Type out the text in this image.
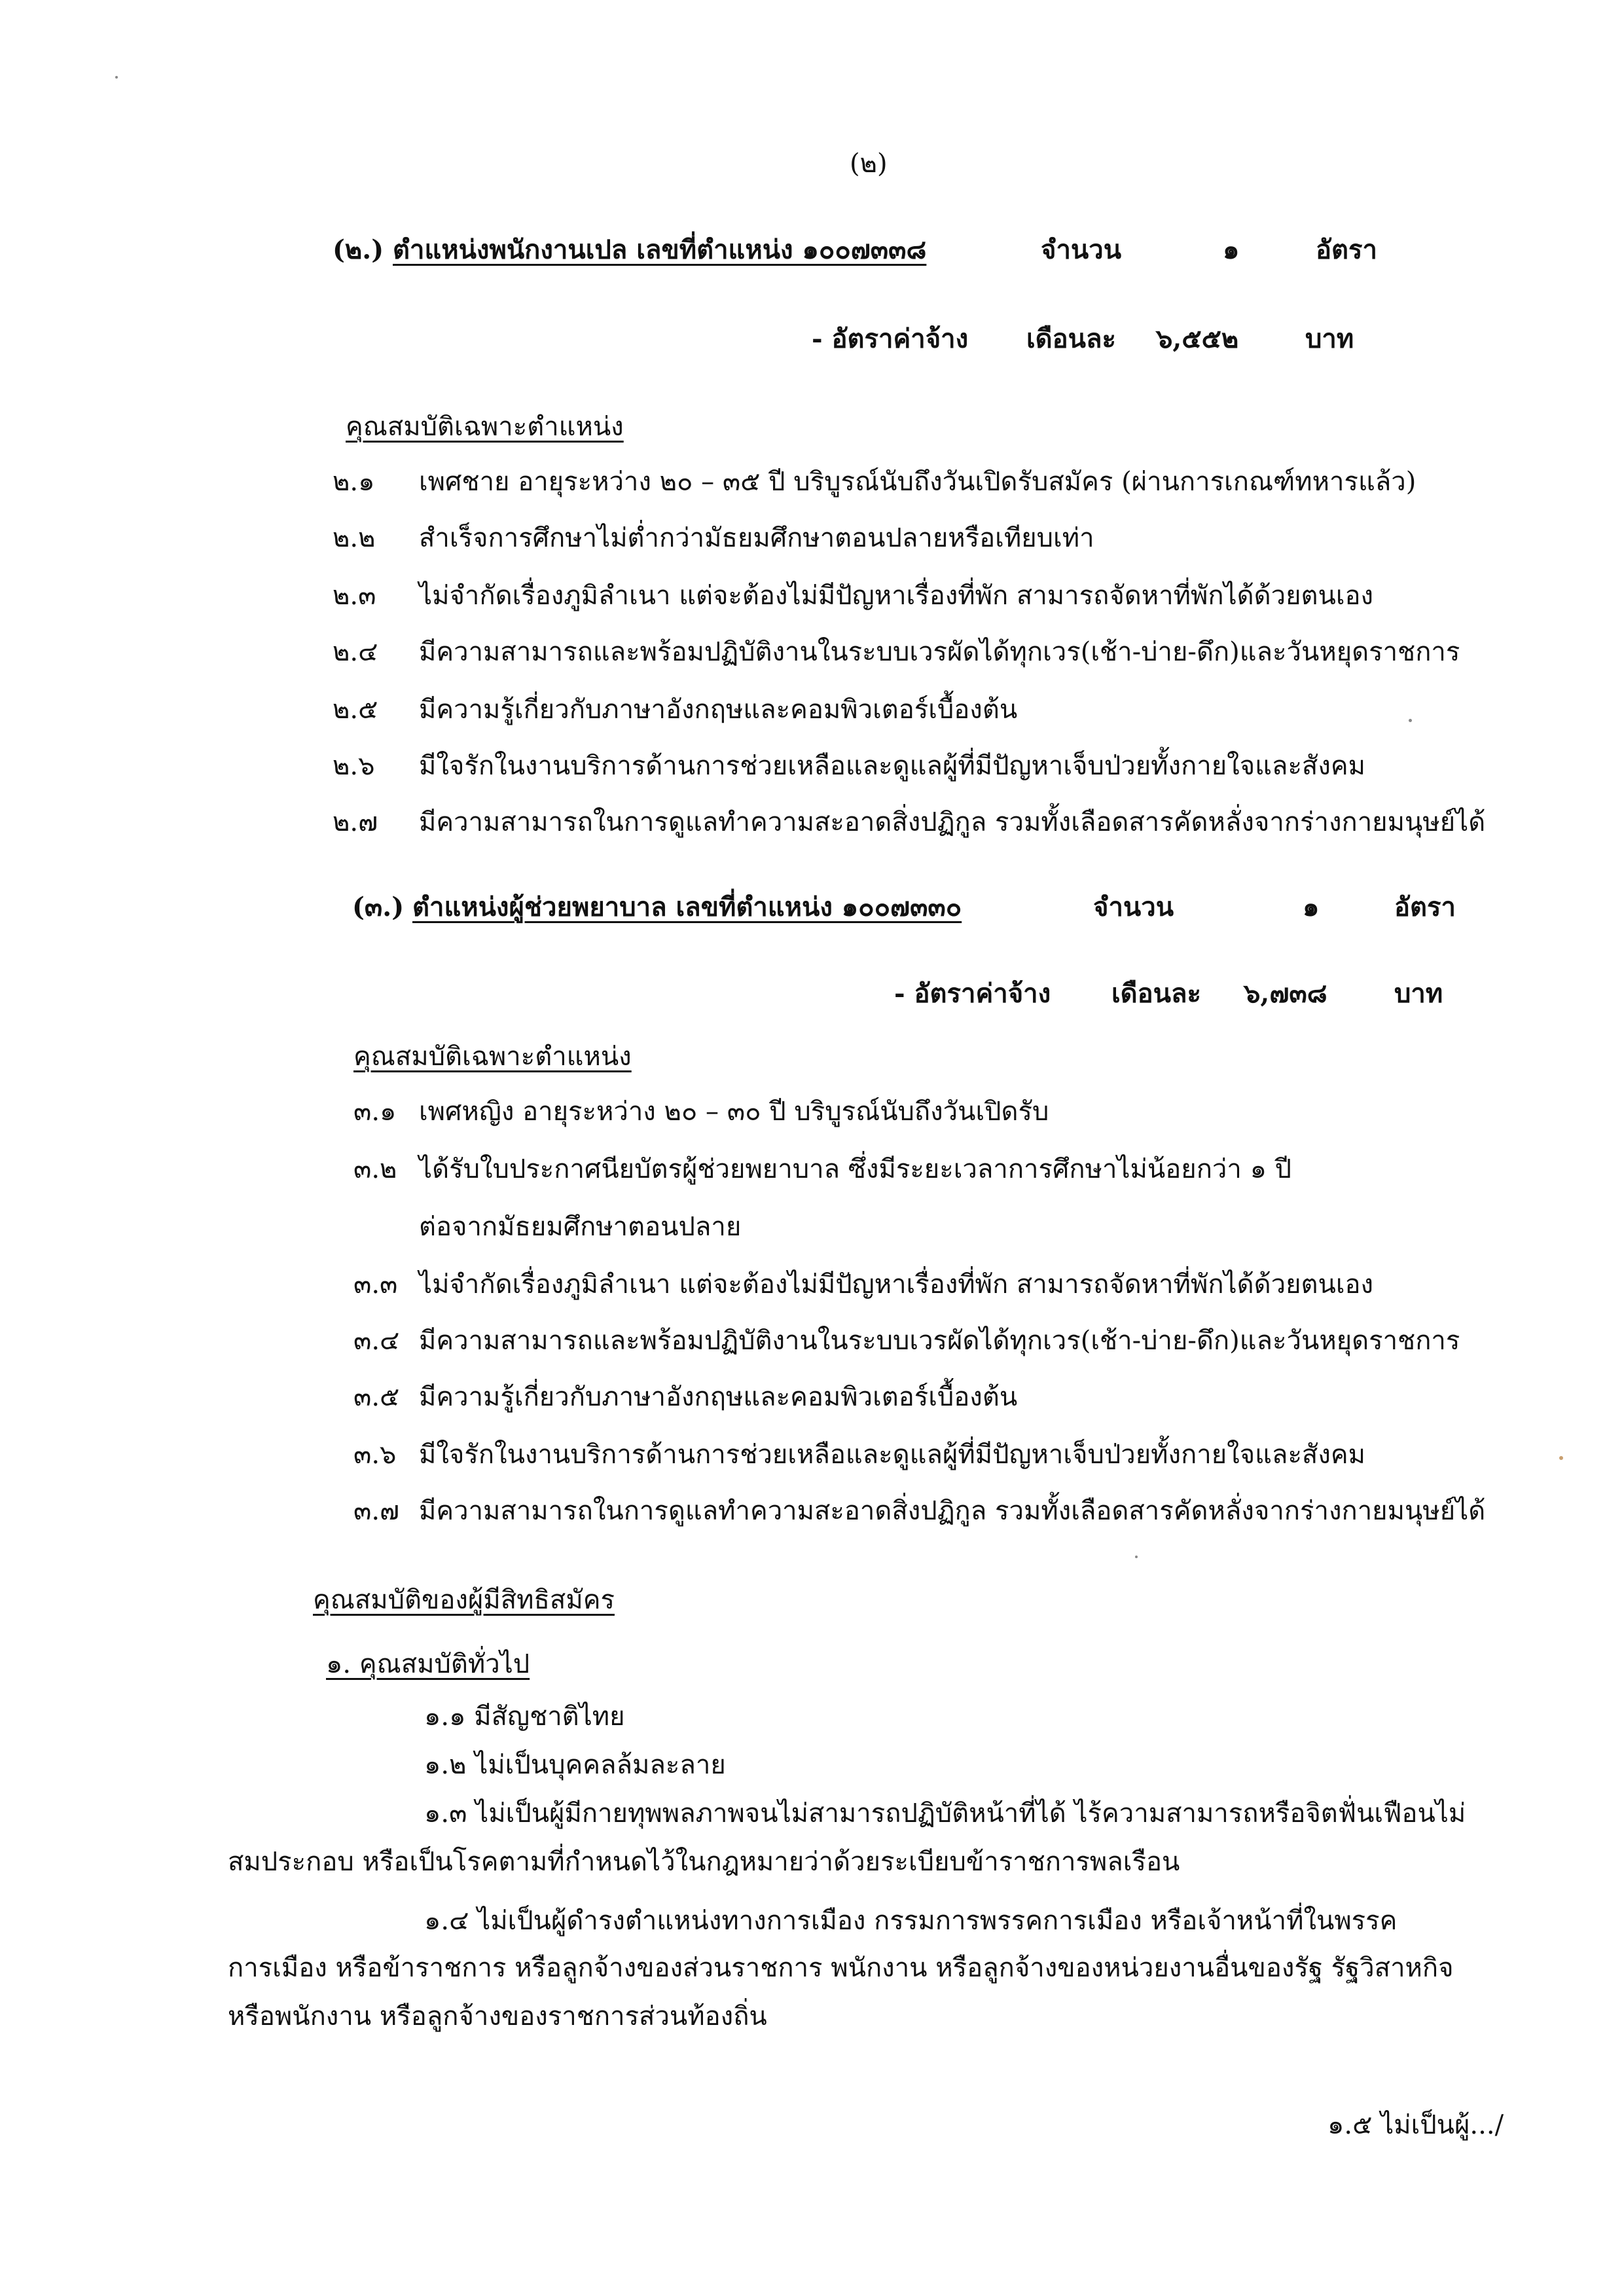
(๒)
(๒.) ตำแหน่งพนักงานเปล เลขที่ตำแหน่ง ๑๐๐๗๓๓๘	จำนวน	๑	อัตรา
- อัตราค่าจ้าง เดือนละ ๖,๕๕๒	บาท
คุณสมบัติเฉพาะตำแหน่ง
๒.๑ เพศชาย อายุระหว่าง ๒๐ – ๓๕ ปี บริบูรณ์นับถึงวันเปิดรับสมัคร (ผ่านการเกณฑ์ทหารแล้ว)
๒.๒ สำเร็จการศึกษาไม่ต่ำกว่ามัธยมศึกษาตอนปลายหรือเทียบเท่า
๒.๓ ไม่จำกัดเรื่องภูมิลำเนา แต่จะต้องไม่มีปัญหาเรื่องที่พัก สามารถจัดหาที่พักได้ด้วยตนเอง
๒.๔ มีความสามารถและพร้อมปฏิบัติงานในระบบเวรผัดได้ทุกเวร(เช้า-บ่าย-ดึก)และวันหยุดราชการ
๒.๕ มีความรู้เกี่ยวกับภาษาอังกฤษและคอมพิวเตอร์เบื้องต้น
๒.๖ มีใจรักในงานบริการด้านการช่วยเหลือและดูแลผู้ที่มีปัญหาเจ็บป่วยทั้งกายใจและสังคม
๒.๗ มีความสามารถในการดูแลทำความสะอาดสิ่งปฏิกูล รวมทั้งเลือดสารคัดหลั่งจากร่างกายมนุษย์ได้
(๓.) ตำแหน่งผู้ช่วยพยาบาล เลขที่ตำแหน่ง ๑๐๐๗๓๓๐	จำนวน	๑	อัตรา
- อัตราค่าจ้าง เดือนละ ๖,๗๓๘	บาท
คุณสมบัติเฉพาะตำแหน่ง
๓.๑ เพศหญิง อายุระหว่าง ๒๐ – ๓๐ ปี บริบูรณ์นับถึงวันเปิดรับ
๓.๒ ได้รับใบประกาศนียบัตรผู้ช่วยพยาบาล ซึ่งมีระยะเวลาการศึกษาไม่น้อยกว่า ๑ ปี
ต่อจากมัธยมศึกษาตอนปลาย
๓.๓ ไม่จำกัดเรื่องภูมิลำเนา แต่จะต้องไม่มีปัญหาเรื่องที่พัก สามารถจัดหาที่พักได้ด้วยตนเอง
๓.๔ มีความสามารถและพร้อมปฏิบัติงานในระบบเวรผัดได้ทุกเวร(เช้า-บ่าย-ดึก)และวันหยุดราชการ
๓.๕ มีความรู้เกี่ยวกับภาษาอังกฤษและคอมพิวเตอร์เบื้องต้น
๓.๖ มีใจรักในงานบริการด้านการช่วยเหลือและดูแลผู้ที่มีปัญหาเจ็บป่วยทั้งกายใจและสังคม
๓.๗ มีความสามารถในการดูแลทำความสะอาดสิ่งปฏิกูล รวมทั้งเลือดสารคัดหลั่งจากร่างกายมนุษย์ได้
คุณสมบัติของผู้มีสิทธิสมัคร
๑. คุณสมบัติทั่วไป
๑.๑ มีสัญชาติไทย
๑.๒ ไม่เป็นบุคคลล้มละลาย
๑.๓ ไม่เป็นผู้มีกายทุพพลภาพจนไม่สามารถปฏิบัติหน้าที่ได้ ไร้ความสามารถหรือจิตฟั่นเฟือนไม่
สมประกอบ หรือเป็นโรคตามที่กำหนดไว้ในกฎหมายว่าด้วยระเบียบข้าราชการพลเรือน
๑.๔ ไม่เป็นผู้ดำรงตำแหน่งทางการเมือง กรรมการพรรคการเมือง หรือเจ้าหน้าที่ในพรรค
การเมือง หรือข้าราชการ หรือลูกจ้างของส่วนราชการ พนักงาน หรือลูกจ้างของหน่วยงานอื่นของรัฐ รัฐวิสาหกิจ
หรือพนักงาน หรือลูกจ้างของราชการส่วนท้องถิ่น
๑.๕ ไม่เป็นผู้.../
